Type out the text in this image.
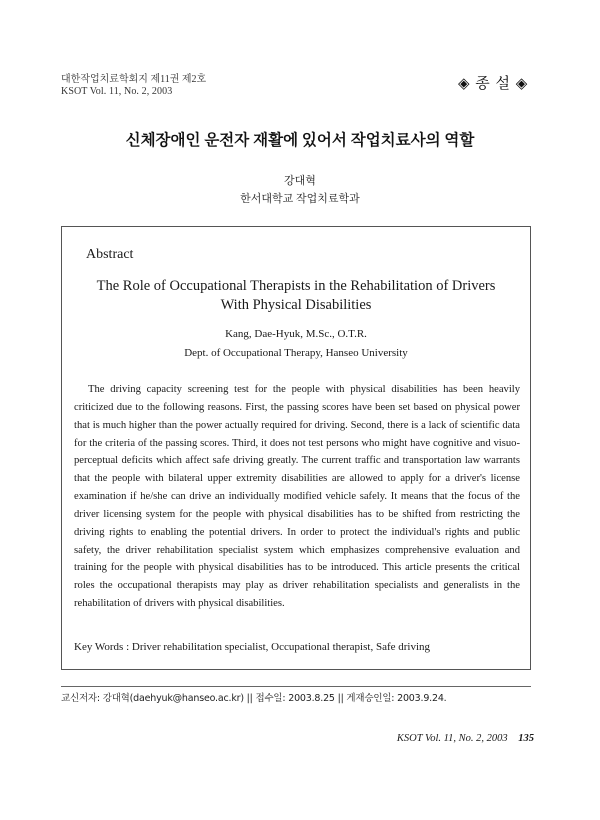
대한작업치료학회지 제11권 제2호
KSOT Vol. 11, No. 2, 2003	◈ 종 설 ◈
신체장애인 운전자 재활에 있어서 작업치료사의 역할
강대혁
한서대학교 작업치료학과
Abstract
The Role of Occupational Therapists in the Rehabilitation of Drivers
With Physical Disabilities
Kang, Dae-Hyuk, M.Sc., O.T.R.
Dept. of Occupational Therapy, Hanseo University

The driving capacity screening test for the people with physical disabilities has been heavily criticized due to the following reasons. First, the passing scores have been set based on physical power that is much higher than the power actually required for driving. Second, there is a lack of scientific data for the criteria of the passing scores. Third, it does not test persons who might have cognitive and visuo-perceptual deficits which affect safe driving greatly. The current traffic and transportation law warrants that the people with bilateral upper extremity disabilities are allowed to apply for a driver's license examination if he/she can drive an individually modified vehicle safely. It means that the focus of the driver licensing system for the people with physical disabilities has to be shifted from restricting the driving rights to enabling the potential drivers. In order to protect the individual's rights and public safety, the driver rehabilitation specialist system which emphasizes comprehensive evaluation and training for the people with physical disabilities has to be introduced. This article presents the critical roles the occupational therapists may play as driver rehabilitation specialists and generalists in the rehabilitation of drivers with physical disabilities.

Key Words : Driver rehabilitation specialist, Occupational therapist, Safe driving
교신저자: 강대혁(daehyuk@hanseo.ac.kr) || 접수일: 2003.8.25 || 게재승인일: 2003.9.24.
KSOT Vol. 11, No. 2, 2003 135
